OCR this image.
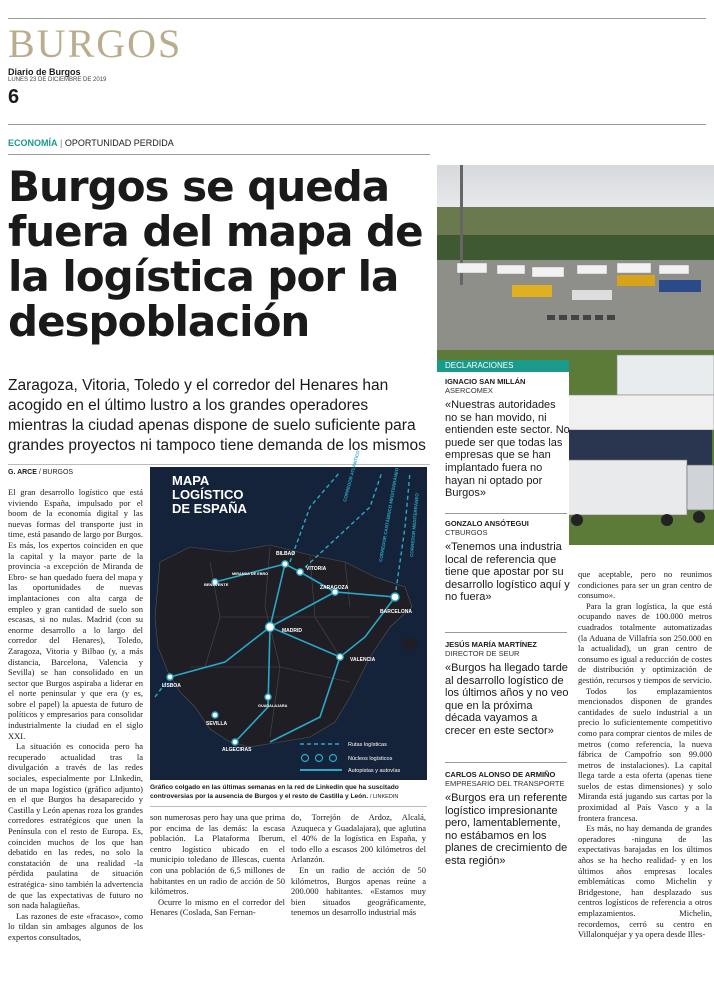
BURGOS
Diario de Burgos
LUNES 23 DE DICIEMBRE DE 2019
6
ECONOMÍA | OPORTUNIDAD PERDIDA
Burgos se queda fuera del mapa de la logística por la despoblación

Zaragoza, Vitoria, Toledo y el corredor del Henares han acogido en el último lustro a los grandes operadores mientras la ciudad apenas dispone de suelo suficiente para grandes proyectos ni tampoco tiene demanda de los mismos

G. ARCE / BURGOS

El gran desarrollo logístico que está viviendo España, impulsado por el boom de la economía digital y las nuevas formas del transporte just in time, está pasando de largo por Burgos. Es más, los expertos coinciden en que la capital y la mayor parte de la provincia -a excepción de Miranda de Ebro- se han quedado fuera del mapa y las oportunidades de nuevas implantaciones con alta carga de empleo y gran cantidad de suelo son escasas, si no nulas. Madrid (con su enorme desarrollo a lo largo del corredor del Henares), Toledo, Zaragoza, Vitoria y Bilbao (y, a más distancia, Barcelona, Valencia y Sevilla) se han consolidado en un sector que Burgos aspiraba a liderar en el norte peninsular y que era (y es, sobre el papel) la apuesta de futuro de políticos y empresarios para consolidar industrialmente la ciudad en el siglo XXI.

La situación es conocida pero ha recuperado actualidad tras la divulgación a través de las redes sociales, especialmente por LInkedin, de un mapa logístico (gráfico adjunto) en el que Burgos ha desaparecido y Castilla y León apenas roza los grandes corredores estratégicos que unen la Península con el resto de Europa. Es, coinciden muchos de los que han debatido en las redes, no solo la constatación de una realidad -la pérdida paulatina de situación estratégica- sino también la advertencia de que las expectativas de futuro no son nada halagüeñas.

Las razones de este «fracaso», como lo tildan sin ambages algunos de los expertos consultados,

MAPA
LOGÍSTICO
DE ESPAÑA
BILBAO
MIRANDA DE EBRO
VITORIA
BENAVENTE
ZARAGOZA
BARCELONA
MADRID
VALENCIA
LISBOA
GUADALAJARA
SEVILLA
ALGECIRAS
CORREDOR ATLÁNTICO	CORREDOR CANTÁBRICO MEDITERRÁNEO CORREDOR MEDITERRÁNEO
Rutas logísticas
Núcleos logísticos
Autopistas y autovías

Gráfico colgado en las últimas semanas en la red de Linkedin que ha suscitado controversias por la ausencia de Burgos y el resto de Castilla y León. / LINKEDIN

son numerosas pero hay una que prima por encima de las demás: la escasa población. La Plataforma Iberum, centro logístico ubicado en el municipio toledano de Illescas, cuenta con una población de 6,5 millones de habitantes en un radio de acción de 50 kilómetros.

Ocurre lo mismo en el corredor del Henares (Coslada, San Fernan-

do, Torrejón de Ardoz, Alcalá, Azuqueca y Guadalajara), que aglutina el 40% de la logística en España, y todo ello a escasos 200 kilómetros del Arlanzón.

En un radio de acción de 50 kilómetros, Burgos apenas reúne a 200.000 habitantes. «Estamos muy bien situados geográficamente, tenemos un desarrollo industrial más

DECLARACIONES

IGNACIO SAN MILLÁN

ASERCOMEX

«Nuestras autoridades no se han movido, ni entienden este sector. No puede ser que todas las empresas que se han implantado fuera no hayan ni optado por Burgos»

GONZALO ANSÓTEGUI

CTBURGOS

«Tenemos una industria local de referencia que tiene que apostar por su desarrollo logístico aquí y no fuera»

JESÚS MARÍA MARTÍNEZ

DIRECTOR DE SEUR

«Burgos ha llegado tarde al desarrollo logístico de los últimos años y no veo que en la próxima década vayamos a crecer en este sector»

CARLOS ALONSO DE ARMIÑO

EMPRESARIO DEL TRANSPORTE

«Burgos era un referente logístico impresionante pero, lamentablemente, no estábamos en los planes de crecimiento de esta región»

que aceptable, pero no reunimos condiciones para ser un gran centro de consumo».

Para la gran logística, la que está ocupando naves de 100.000 metros cuadrados totalmente automatizadas (la Aduana de Villafría son 250.000 en la actualidad), un gran centro de consumo es igual a reducción de costes de distribución y optimización de gestión, recursos y tiempos de servicio.

Todos los emplazamientos mencionados disponen de grandes cantidades de suelo industrial a un precio lo suficientemente competitivo como para comprar cientos de miles de metros (como referencia, la nueva fábrica de Campofrío son 99.000 metros de instalaciones). La capital llega tarde a esta oferta (apenas tiene suelos de estas dimensiones) y solo Miranda está jugando sus cartas por la proximidad al País Vasco y a la frontera francesa.

Es más, no hay demanda de grandes operadores -ninguna de las expectativas barajadas en los últimos años se ha hecho realidad- y en los últimos años empresas locales emblemáticas como Michelin y Bridgestone, han desplazado sus centros logísticos de referencia a otros emplazamientos. Michelin, recordemos, cerró su centro en Villalonquéjar y ya opera desde Illes-
